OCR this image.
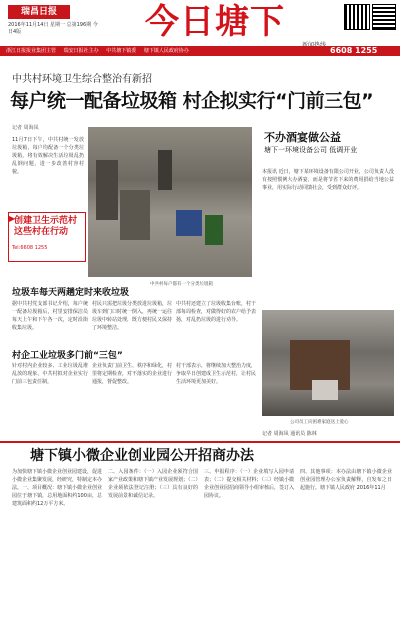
瑞昌日报
2016年11月14日 星期一 总第196期 今日4版	今日塘下
浙江日报报业集团主管 瑞安日报社主办 中共塘下镇委 塘下镇人民政府协办	6608 1255
中共村环境卫生综合整治有新招
每户统一配备垃圾箱 村企拟实行“门前三包”
记者 周海凤
11月7日下午，中共村统一发放垃圾箱，每户均配备一个分类垃圾箱，将有效解决生活垃圾乱扔乱倒问题，进一步改善村容村貌。
▶
创建卫生示范村 这些村在行动
Tel:6608 1255
中共村每户都有一个分类垃圾箱
不办酒宴做公益
塘下一环境设备公司 低调开业
本报讯 近日，塘下某环境设备有限公司开业，公司负责人没有按照惯例大办酒宴，而是将节省下来的费用捐给当地公益事业，用实际行动回馈社会，受到群众好评。
公司员工向困难家庭送上爱心
记者 周海凤 通讯员 陈林
垃圾车每天两趟定时来收垃圾
据中共村党支部书记介绍，每户统一配备垃圾箱后，村里安排保洁员每天上午和下午各一次，定时沿街收集垃圾。
村民只需把垃圾分类放进垃圾箱，垃圾车到门口时统一倒入，再统一运往垃圾中转站处理，既方便村民又保持了环境整洁。
中共村还建立了垃圾收集台账，村干部每周检查，对做得好的农户给予表扬，对乱扔垃圾的进行劝导。
村企工业垃圾多门前“三包”
针对村内企业较多、工业垃圾乱堆乱放的现象，中共村拟对企业实行门前三包责任制。
企业负责门前卫生、秩序和绿化，村里将定期检查，对不落实的企业进行通报，督促整改。
村干部表示，将继续加大整治力度，争取早日创建成卫生示范村，让村民生活环境更加美好。
塘下镇小微企业创业园公开招商办法
为加快塘下镇小微企业创业园建设，促进小微企业集聚发展，经研究，特制定本办法。一、项目概况：塘下镇小微企业创业园位于塘下镇，总用地面积约100亩，总建筑面积约12万平方米。
二、入园条件：（一）入园企业须符合国家产业政策和塘下镇产业发展规划；（二）企业须依法登记注册；（三）具有良好的发展前景和诚信记录。
三、申报程序：（一）企业填写入园申请表；（二）提交相关材料；（三）经镇小微企业创业园招商领导小组审核后，签订入园协议。
四、其他事项：本办法由塘下镇小微企业创业园管理办公室负责解释，自发布之日起施行。塘下镇人民政府 2016年11月
